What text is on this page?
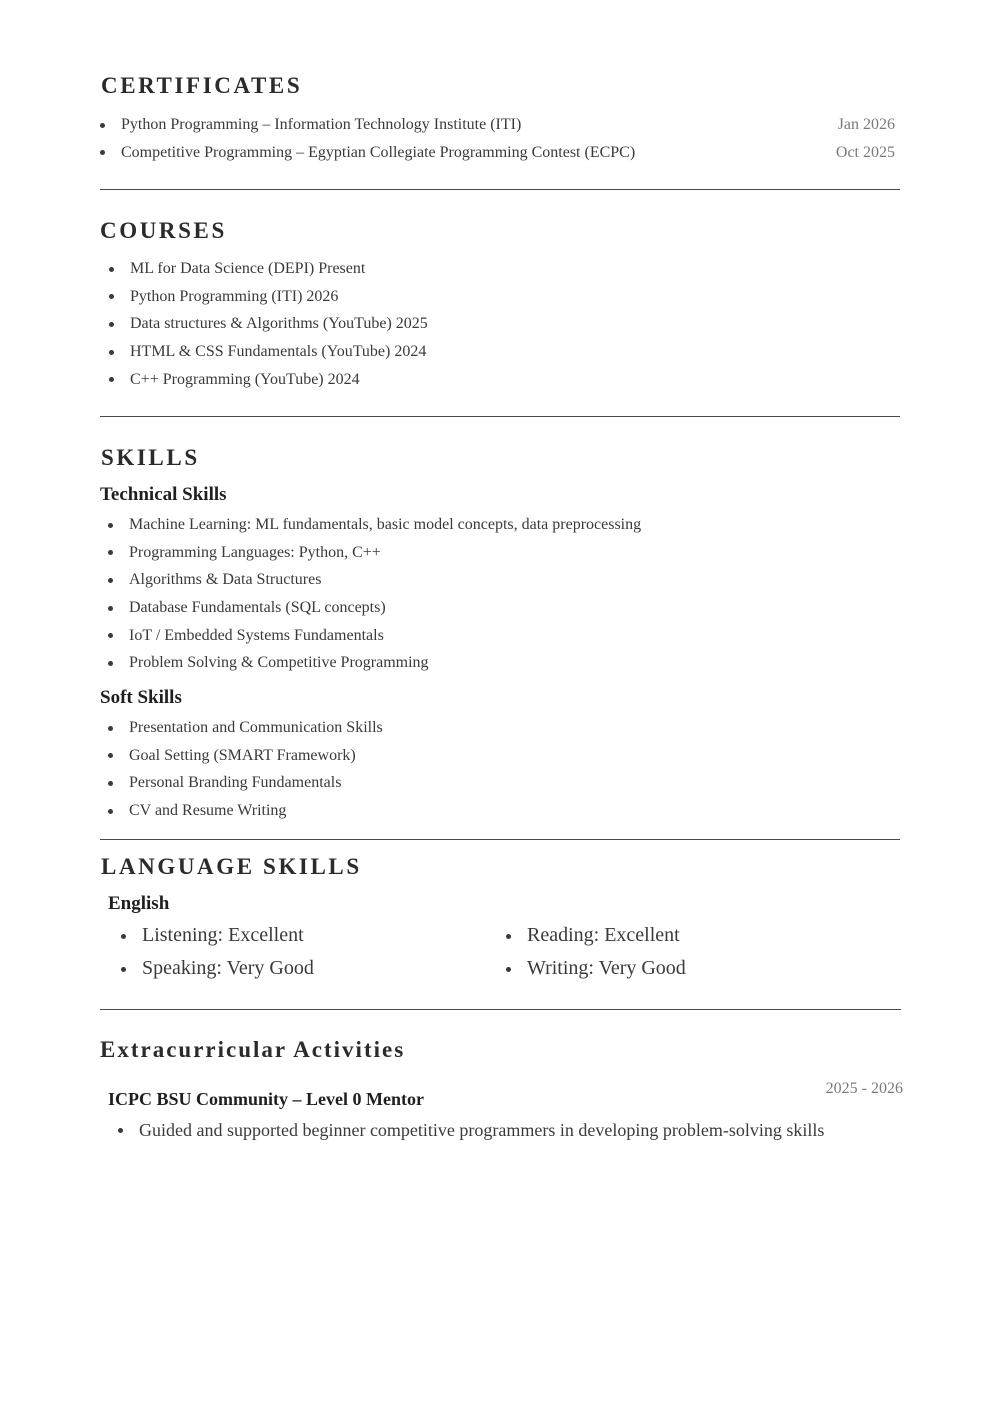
CERTIFICATES
Python Programming – Information Technology Institute (ITI)
Competitive Programming – Egyptian Collegiate Programming Contest (ECPC)
Jan 2026
Oct 2025
COURSES
ML for Data Science (DEPI) Present
Python Programming (ITI) 2026
Data structures & Algorithms (YouTube) 2025
HTML & CSS Fundamentals (YouTube) 2024
C++ Programming (YouTube) 2024
SKILLS
Technical Skills
Machine Learning: ML fundamentals, basic model concepts, data preprocessing
Programming Languages: Python, C++
Algorithms & Data Structures
Database Fundamentals (SQL concepts)
IoT / Embedded Systems Fundamentals
Problem Solving & Competitive Programming
Soft Skills
Presentation and Communication Skills
Goal Setting (SMART Framework)
Personal Branding Fundamentals
CV and Resume Writing
LANGUAGE SKILLS
English
Listening: Excellent
Speaking: Very Good
Reading: Excellent
Writing: Very Good
Extracurricular Activities
2025 - 2026
ICPC BSU Community – Level 0 Mentor
Guided and supported beginner competitive programmers in developing problem-solving skills
